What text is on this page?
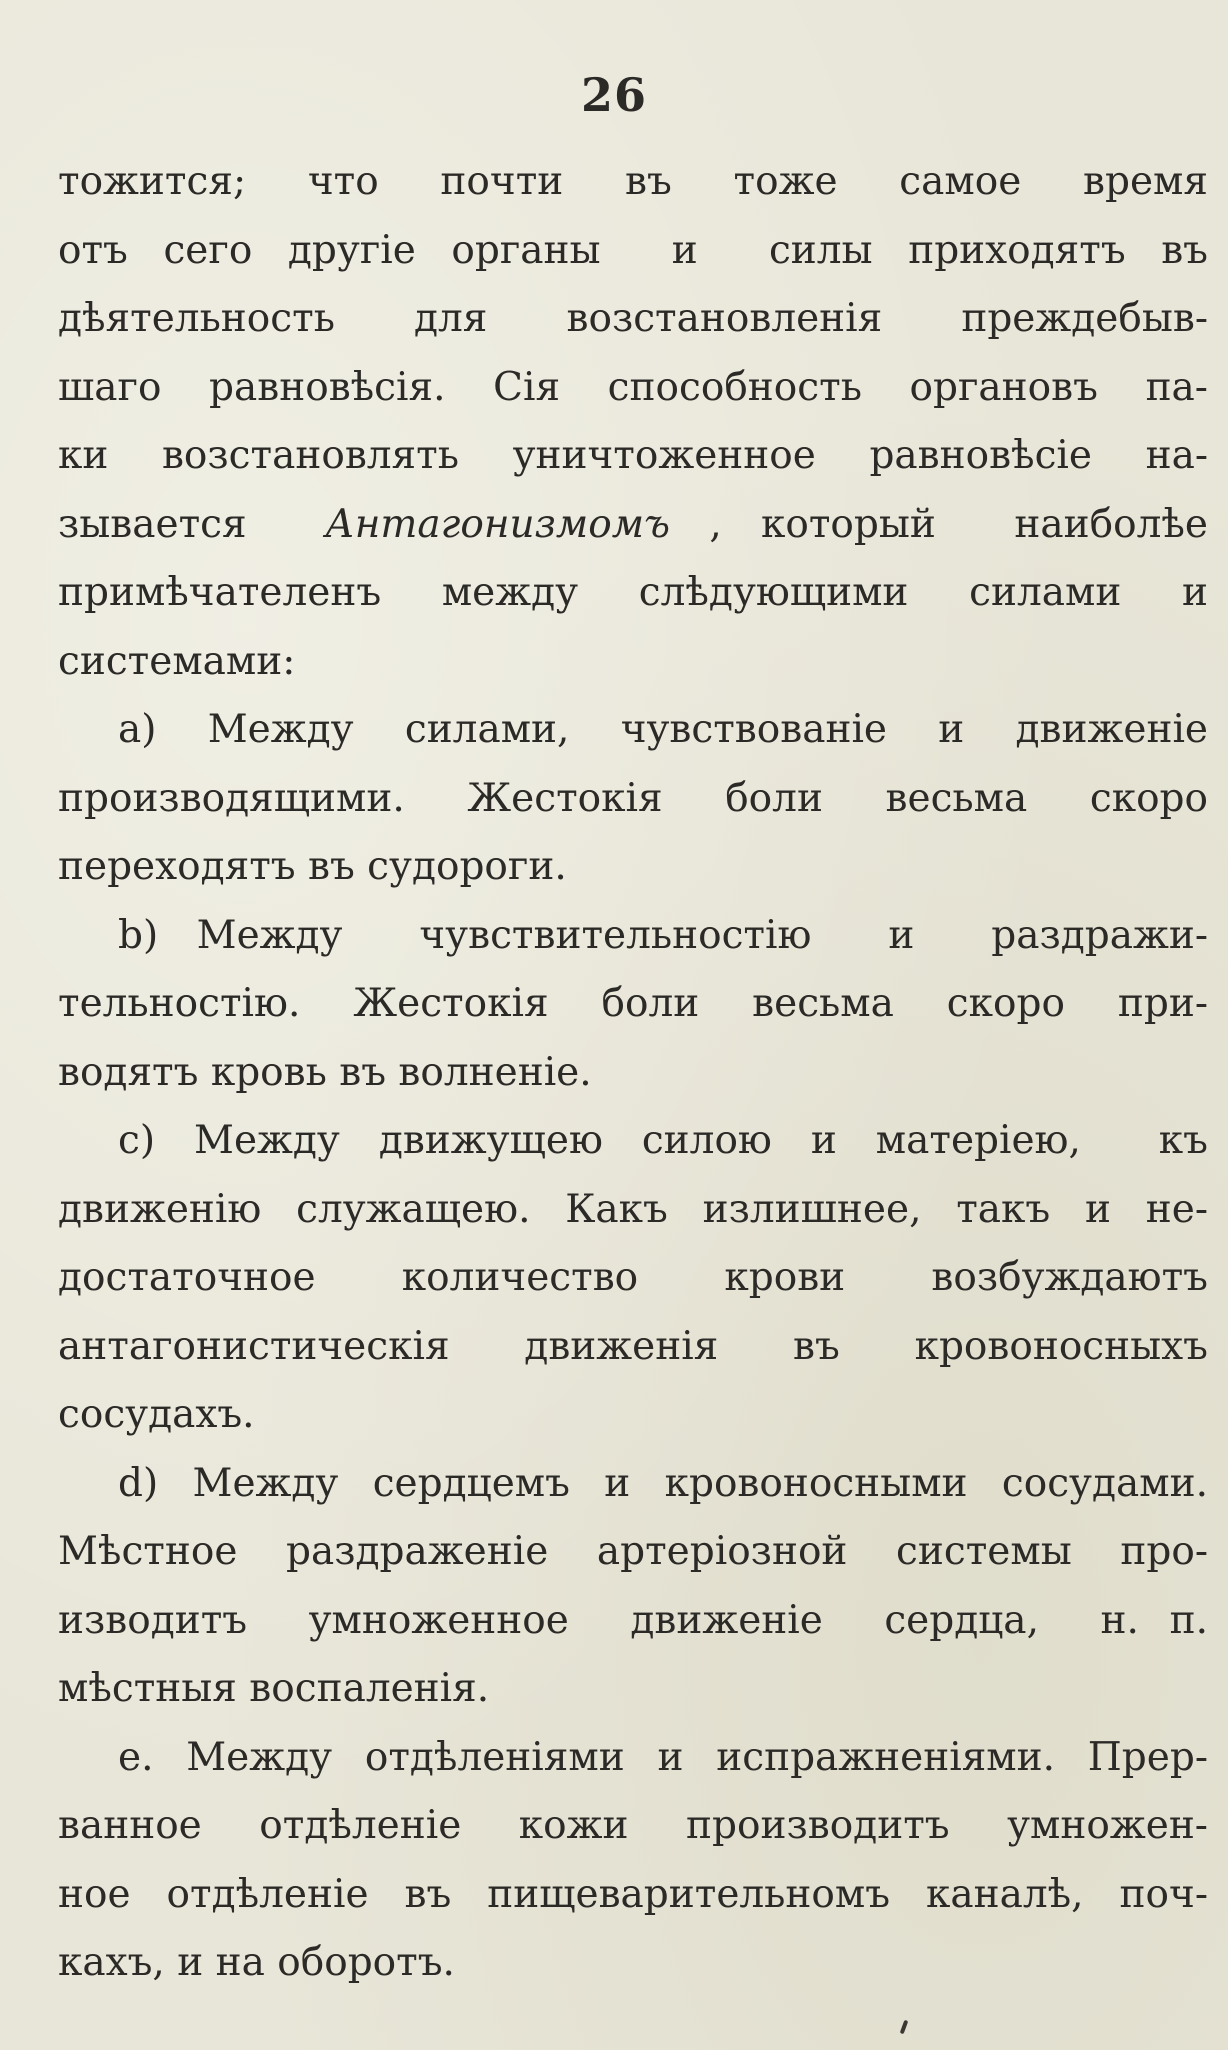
26
тожится;  что  почти  въ  тоже  самое  время
отъ сего другiе органы  и  силы приходятъ въ
дѣятельность  для  возстановленiя  преждебыв-
шаго равновѣсiя. Сiя способность органовъ па-
ки возстановлять уничтоженное равновѣсiе на-
зывается  Антагонизмомъ , который  наиболѣе
примѣчателенъ  между  слѣдующими  силами  и
системами:
a) Между силами, чувствованiе и движенiе
производящими.  Жестокiя  боли  весьма  скоро
переходятъ въ судороги.
b) Между  чувствительностiю  и  раздражи-
тельностiю. Жестокiя боли весьма скоро при-
водятъ кровь въ волненiе.
c) Между движущею силою и матерiею,  къ
движенiю служащею. Какъ излишнее, такъ и не-
достаточное  количество  крови  возбуждаютъ
антагонистическiя  движенiя  въ  кровоносныхъ
сосудахъ.
d) Между сердцемъ и кровоносными сосудами.
Мѣстное раздраженiе артерiозной системы про-
изводитъ  умноженное  движенiе  сердца,  н. п.
мѣстныя воспаленiя.
e. Между отдѣленiями и испражненiями. Прер-
ванное  отдѣленiе  кожи  производитъ  умножен-
ное отдѣленiе въ пищеварительномъ каналѣ, поч-
кахъ, и на оборотъ.
